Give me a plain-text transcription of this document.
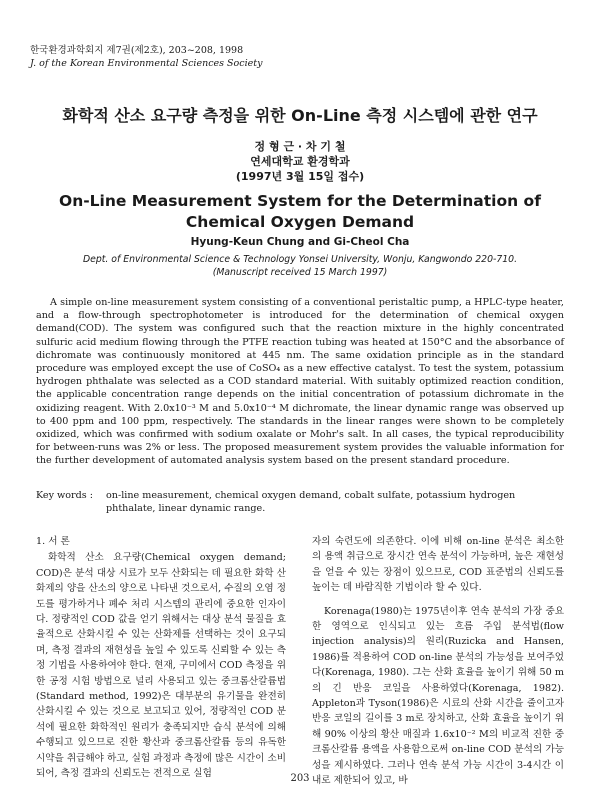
한국환경과학회지 제7권(제2호), 203~208, 1998
J. of the Korean Environmental Sciences Society
화학적 산소 요구량 측정을 위한 On-Line 측정 시스템에 관한 연구
정 형 근 · 차 기 철
연세대학교 환경학과
(1997년 3월 15일 접수)
On-Line Measurement System for the Determination of
Chemical Oxygen Demand
Hyung-Keun Chung and Gi-Cheol Cha
Dept. of Environmental Science & Technology Yonsei University, Wonju, Kangwondo 220-710.
(Manuscript received 15 March 1997)
A simple on-line measurement system consisting of a conventional peristaltic pump, a HPLC-type heater, and a flow-through spectrophotometer is introduced for the determination of chemical oxygen demand(COD). The system was configured such that the reaction mixture in the highly concentrated sulfuric acid medium flowing through the PTFE reaction tubing was heated at 150°C and the absorbance of dichromate was continuously monitored at 445 nm. The same oxidation principle as in the standard procedure was employed except the use of CoSO₄ as a new effective catalyst. To test the system, potassium hydrogen phthalate was selected as a COD standard material. With suitably optimized reaction condition, the applicable concentration range depends on the initial concentration of potassium dichromate in the oxidizing reagent. With 2.0x10⁻³ M and 5.0x10⁻⁴ M dichromate, the linear dynamic range was observed up to 400 ppm and 100 ppm, respectively. The standards in the linear ranges were shown to be completely oxidized, which was confirmed with sodium oxalate or Mohr's salt. In all cases, the typical reproducibility for between-runs was 2% or less. The proposed measurement system provides the valuable information for the further development of automated analysis system based on the present standard procedure.
Key words : on-line measurement, chemical oxygen demand, cobalt sulfate, potassium hydrogen
phthalate, linear dynamic range.
1. 서 론

화학적 산소 요구량(Chemical oxygen demand; COD)은 분석 대상 시료가 모두 산화되는 데 필요한 화학 산화제의 양을 산소의 양으로 나타낸 것으로서, 수질의 오염 정도를 평가하거나 폐수 처리 시스템의 관리에 중요한 인자이다. 정량적인 COD 값을 얻기 위해서는 대상 분석 물질을 효율적으로 산화시킬 수 있는 산화제를 선택하는 것이 요구되며, 측정 결과의 재현성을 높일 수 있도록 신뢰할 수 있는 측정 기법을 사용하여야 한다. 현재, 구미에서 COD 측정을 위한 공정 시험 방법으로 널리 사용되고 있는 중크롬산칼륨법(Standard method, 1992)은 대부분의 유기물을 완전히 산화시킬 수 있는 것으로 보고되고 있어, 정량적인 COD 분석에 필요한 화학적인 원리가 충족되지만 습식 분석에 의해 수행되고 있으므로 진한 황산과 중크롬산칼륨 등의 유독한 시약을 취급해야 하고, 실험 과정과 측정에 많은 시간이 소비되어, 측정 결과의 신뢰도는 전적으로 실험

자의 숙련도에 의존한다. 이에 비해 on-line 분석은 최소한의 용액 취급으로 장시간 연속 분석이 가능하며, 높은 재현성을 얻을 수 있는 장점이 있으므로, COD 표준법의 신뢰도를 높이는 데 바람직한 기법이라 할 수 있다.

Korenaga(1980)는 1975년이후 연속 분석의 가장 중요한 영역으로 인식되고 있는 흐름 주입 분석법(flow injection analysis)의 원리(Ruzicka and Hansen, 1986)를 적용하여 COD on-line 분석의 가능성을 보여주었다(Korenaga, 1980). 그는 산화 효율을 높이기 위해 50 m의 긴 반응 코일을 사용하였다(Korenaga, 1982). Appleton과 Tyson(1986)은 시료의 산화 시간을 줄이고자 반응 코일의 길이를 3 m로 장치하고, 산화 효율을 높이기 위해 90% 이상의 황산 매질과 1.6x10⁻² M의 비교적 진한 중크롬산칼륨 용액을 사용함으로써 on-line COD 분석의 가능성을 제시하였다. 그러나 연속 분석 가능 시간이 3-4시간 이내로 제한되어 있고, 바

203
